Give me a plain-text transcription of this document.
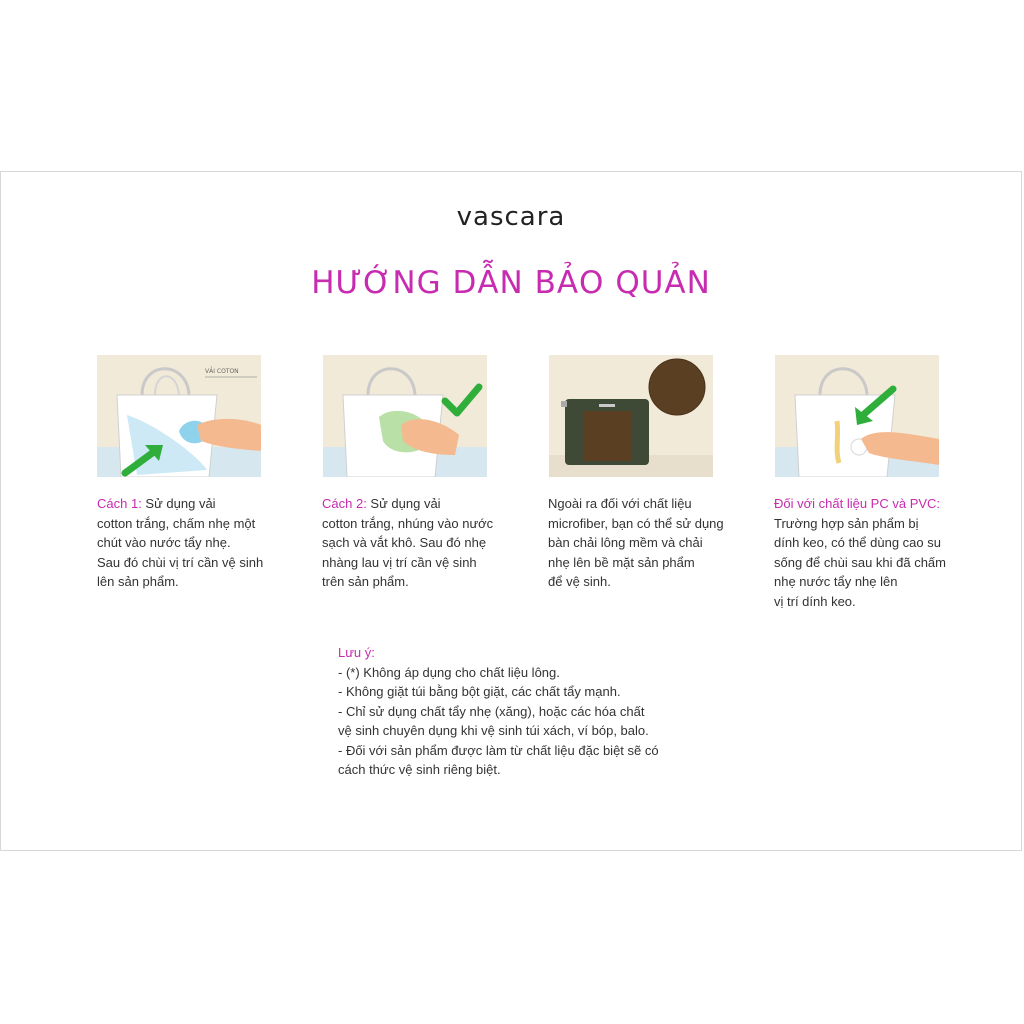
vascara
HƯỚNG DẪN BẢO QUẢN
VẢI COTON

Cách 1: Sử dụng vải
cotton trắng, chấm nhẹ một
chút vào nước tẩy nhẹ.
Sau đó chùi vị trí cần vệ sinh
lên sản phẩm.

Cách 2: Sử dụng vải
cotton trắng, nhúng vào nước
sạch và vắt khô. Sau đó nhẹ
nhàng lau vị trí cần vệ sinh
trên sản phẩm.

Ngoài ra đối với chất liệu
microfiber, bạn có thể sử dụng
bàn chải lông mềm và chải
nhẹ lên bề mặt sản phẩm
để vệ sinh.

Đối với chất liệu PC và PVC:
Trường hợp sản phẩm bị
dính keo, có thể dùng cao su
sống để chùi sau khi đã chấm
nhẹ nước tẩy nhẹ lên
vị trí dính keo.

Lưu ý:
- (*) Không áp dụng cho chất liệu lông.
- Không giặt túi bằng bột giặt, các chất tẩy mạnh.
- Chỉ sử dụng chất tẩy nhẹ (xăng), hoặc các hóa chất
vệ sinh chuyên dụng khi vệ sinh túi xách, ví bóp, balo.
- Đối với sản phẩm được làm từ chất liệu đặc biệt sẽ có
cách thức vệ sinh riêng biệt.
